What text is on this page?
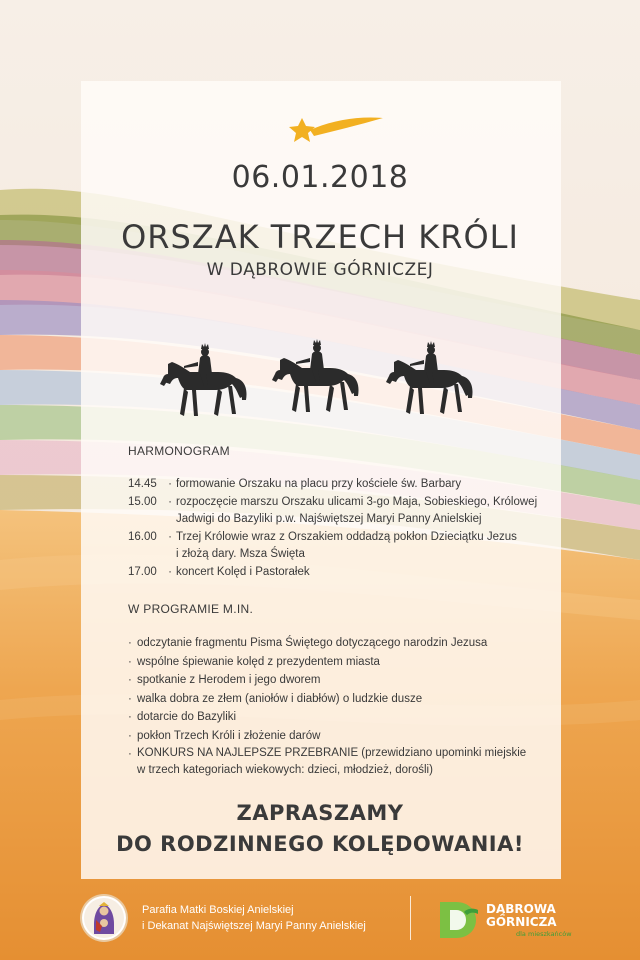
06.01.2018
ORSZAK TRZECH KRÓLI
W DĄBROWIE GÓRNICZEJ
HARMONOGRAM
14.45 · formowanie Orszaku na placu przy kościele św. Barbary
15.00 · rozpoczęcie marszu Orszaku ulicami 3-go Maja, Sobieskiego, Królowej
Jadwigi do Bazyliki p.w. Najświętszej Maryi Panny Anielskiej
16.00 · Trzej Królowie wraz z Orszakiem oddadzą pokłon Dzieciątku Jezus
i złożą dary. Msza Święta
17.00 · koncert Kolęd i Pastorałek
W PROGRAMIE M.IN.
· odczytanie fragmentu Pisma Świętego dotyczącego narodzin Jezusa
· wspólne śpiewanie kolęd z prezydentem miasta
· spotkanie z Herodem i jego dworem
· walka dobra ze złem (aniołów i diabłów) o ludzkie dusze
· dotarcie do Bazyliki
· pokłon Trzech Króli i złożenie darów
· KONKURS NA NAJLEPSZE PRZEBRANIE (przewidziano upominki miejskie
w trzech kategoriach wiekowych: dzieci, młodzież, dorośli)
ZAPRASZAMY
DO RODZINNEGO KOLĘDOWANIA!
Parafia Matki Boskiej Anielskiej
i Dekanat Najświętszej Maryi Panny Anielskiej
DĄBROWA
GÓRNICZA
dla mieszkańców
